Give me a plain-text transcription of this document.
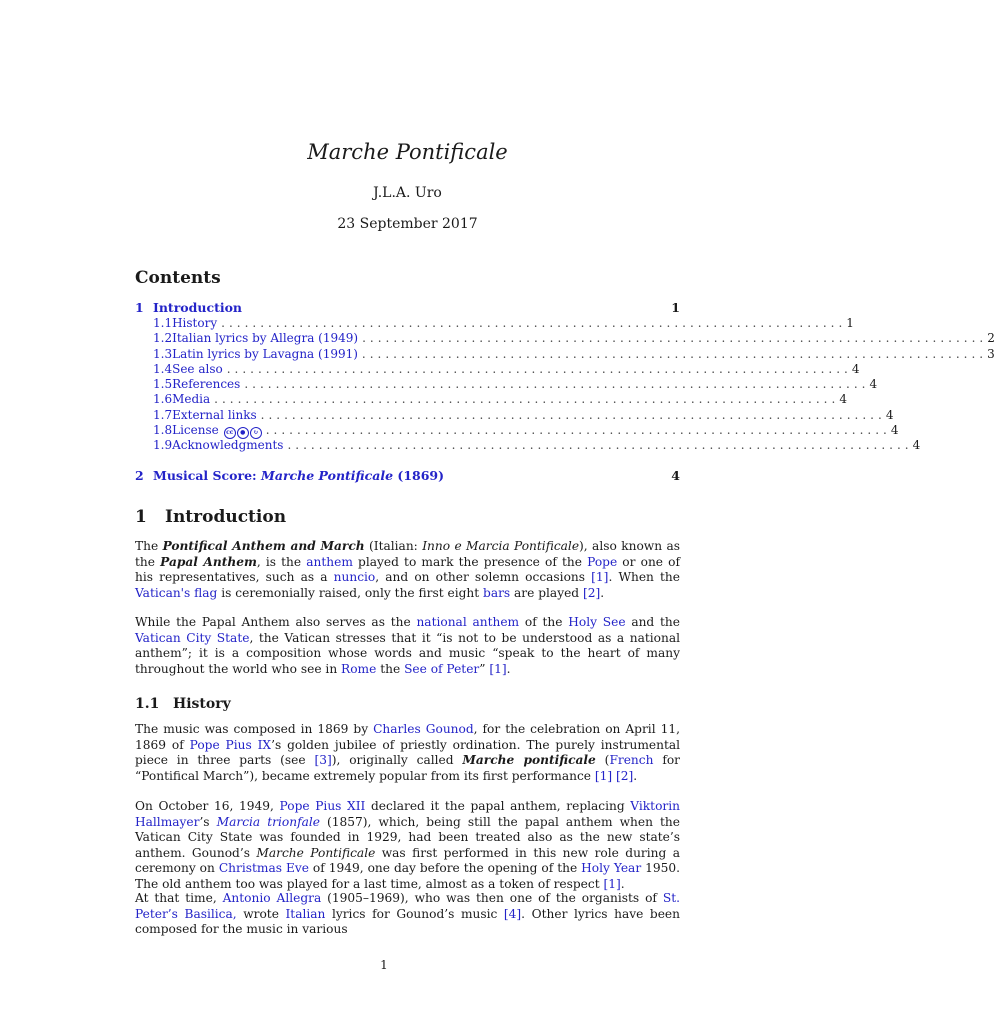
Marche Pontificale
J.L.A. Uro
23 September 2017
Contents
1 Introduction	1
1.1 History ................................................................................ 1
1.2 Italian lyrics by Allegra (1949) ................................................................................ 2
1.3 Latin lyrics by Lavagna (1991) ................................................................................ 3
1.4 See also ................................................................................ 4
1.5 References ................................................................................ 4
1.6 Media ................................................................................ 4
1.7 External links ................................................................................ 4
1.8 License	cc	●	↻ ................................................................................ 4
1.9 Acknowledgments ................................................................................ 4
2 Musical Score: Marche Pontificale (1869)	4
1 Introduction
The Pontifical Anthem and March (Italian: Inno e Marcia Pontificale), also known as the Papal Anthem, is the anthem played to mark the presence of the Pope or one of his representatives, such as a nuncio, and on other solemn occasions [1]. When the Vatican's flag is ceremonially raised, only the first eight bars are played [2].
While the Papal Anthem also serves as the national anthem of the Holy See and the Vatican City State, the Vatican stresses that it “is not to be understood as a national anthem”; it is a composition whose words and music “speak to the heart of many throughout the world who see in Rome the See of Peter” [1].
1.1 History
The music was composed in 1869 by Charles Gounod, for the celebration on April 11, 1869 of Pope Pius IX’s golden jubilee of priestly ordination. The purely instrumental piece in three parts (see [3]), originally called Marche pontificale (French for “Pontifical March”), became extremely popular from its first performance [1] [2].
On October 16, 1949, Pope Pius XII declared it the papal anthem, replacing Viktorin Hallmayer’s Marcia trionfale (1857), which, being still the papal anthem when the Vatican City State was founded in 1929, had been treated also as the new state’s anthem. Gounod’s Marche Pontificale was first performed in this new role during a ceremony on Christmas Eve of 1949, one day before the opening of the Holy Year 1950. The old anthem too was played for a last time, almost as a token of respect [1].
At that time, Antonio Allegra (1905–1969), who was then one of the organists of St. Peter’s Basilica, wrote Italian lyrics for Gounod’s music [4]. Other lyrics have been composed for the music in various
1
